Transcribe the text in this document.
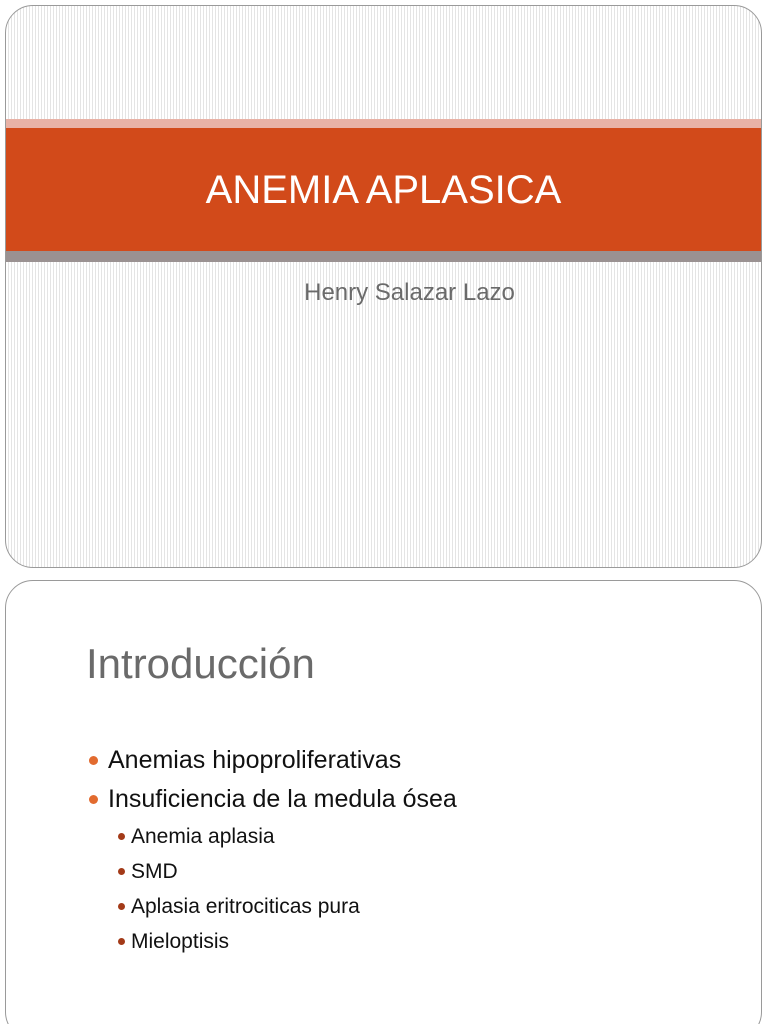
ANEMIA APLASICA

Henry Salazar Lazo

Introducción
Anemias hipoproliferativas
Insuficiencia de la medula ósea
Anemia aplasia
SMD
Aplasia eritrociticas pura
Mieloptisis
